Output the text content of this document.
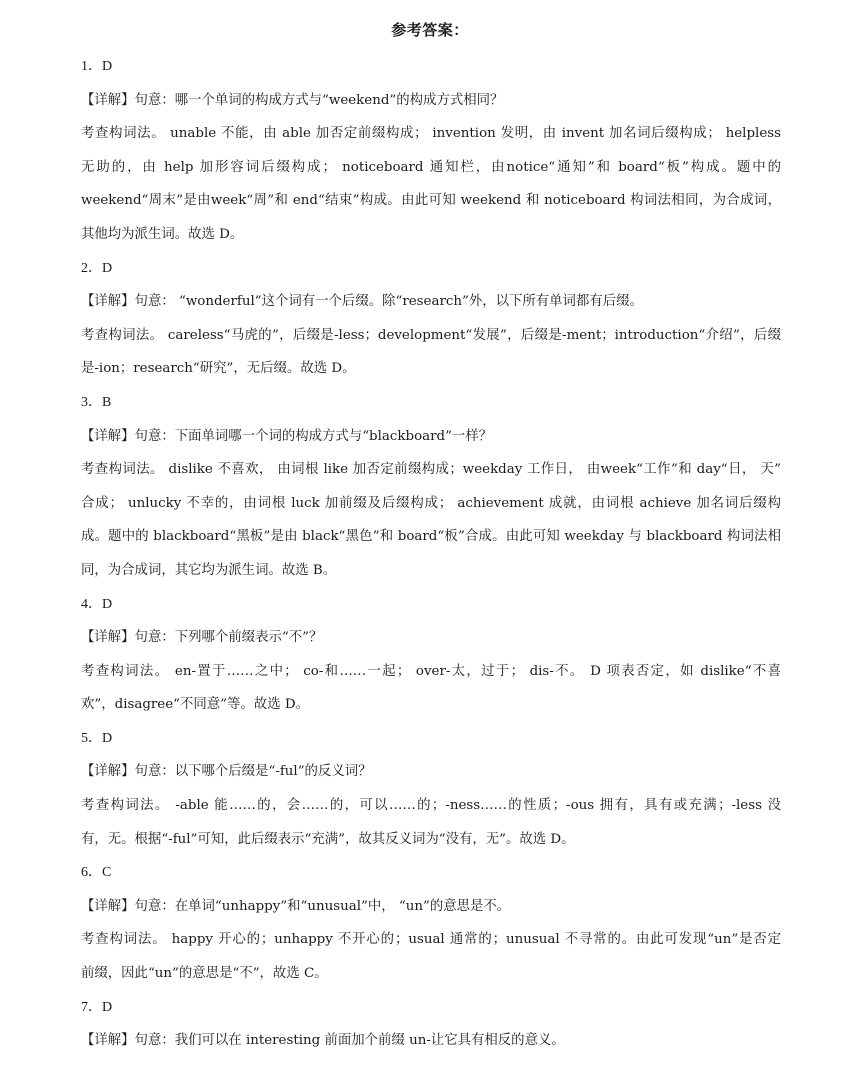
参考答案：
1．D
【详解】句意：哪一个单词的构成方式与“weekend”的构成方式相同？
考查构词法。 unable 不能，由 able 加否定前缀构成； invention 发明，由 invent 加名词后缀构成； helpless
无助的，由 help 加形容词后缀构成； noticeboard 通知栏，由notice“通知”和 board“板”构成。题中的
weekend“周末”是由week“周”和 end“结束”构成。由此可知 weekend 和 noticeboard 构词法相同，为合成词，
其他均为派生词。故选 D。
2．D
【详解】句意： “wonderful”这个词有一个后缀。除“research”外，以下所有单词都有后缀。
考查构词法。 careless“马虎的”，后缀是-less；development“发展”，后缀是-ment；introduction“介绍”，后缀
是-ion；research“研究”，无后缀。故选 D。
3．B
【详解】句意：下面单词哪一个词的构成方式与“blackboard”一样？
考查构词法。 dislike 不喜欢， 由词根 like 加否定前缀构成；weekday 工作日， 由week“工作”和 day“日， 天”
合成； unlucky 不幸的，由词根 luck 加前缀及后缀构成； achievement 成就，由词根 achieve 加名词后缀构
成。题中的 blackboard“黑板”是由 black“黑色”和 board“板”合成。由此可知 weekday 与 blackboard 构词法相
同，为合成词，其它均为派生词。故选 B。
4．D
【详解】句意：下列哪个前缀表示“不”？
考查构词法。 en-置于……之中； co-和……一起； over-太，过于； dis-不。 D 项表否定，如 dislike“不喜
欢”，disagree“不同意”等。故选 D。
5．D
【详解】句意：以下哪个后缀是“-ful”的反义词？
考查构词法。 -able 能……的，会……的，可以……的；-ness……的性质；-ous 拥有，具有或充满；-less 没
有，无。根据“-ful”可知，此后缀表示“充满”，故其反义词为“没有，无”。故选 D。
6．C
【详解】句意：在单词“unhappy”和“unusual”中， “un”的意思是不。
考查构词法。 happy 开心的；unhappy 不开心的；usual 通常的；unusual 不寻常的。由此可发现“un”是否定
前缀，因此“un”的意思是“不”，故选 C。
7．D
【详解】句意：我们可以在 interesting 前面加个前缀 un-让它具有相反的意义。
